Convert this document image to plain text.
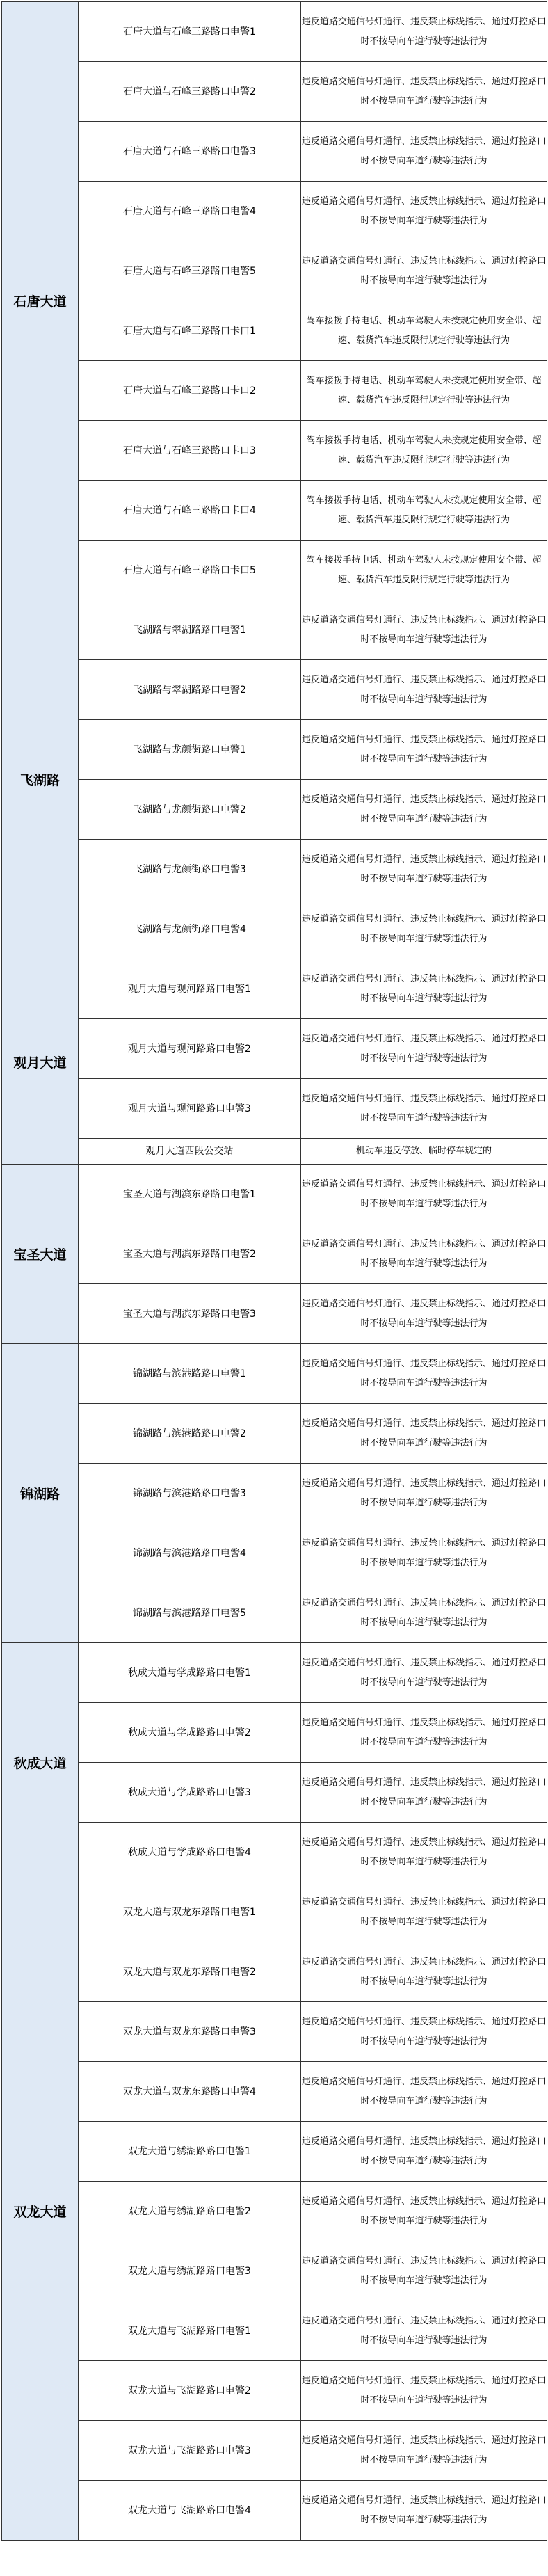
石唐大道	石唐大道与石峰三路路口电警1	违反道路交通信号灯通行、违反禁止标线指示、通过灯控路口时不按导向车道行驶等违法行为
	石唐大道与石峰三路路口电警2	违反道路交通信号灯通行、违反禁止标线指示、通过灯控路口时不按导向车道行驶等违法行为
	石唐大道与石峰三路路口电警3	违反道路交通信号灯通行、违反禁止标线指示、通过灯控路口时不按导向车道行驶等违法行为
	石唐大道与石峰三路路口电警4	违反道路交通信号灯通行、违反禁止标线指示、通过灯控路口时不按导向车道行驶等违法行为
	石唐大道与石峰三路路口电警5	违反道路交通信号灯通行、违反禁止标线指示、通过灯控路口时不按导向车道行驶等违法行为
	石唐大道与石峰三路路口卡口1	驾车接拨手持电话、机动车驾驶人未按规定使用安全带、超速、载货汽车违反限行规定行驶等违法行为
	石唐大道与石峰三路路口卡口2	驾车接拨手持电话、机动车驾驶人未按规定使用安全带、超速、载货汽车违反限行规定行驶等违法行为
	石唐大道与石峰三路路口卡口3	驾车接拨手持电话、机动车驾驶人未按规定使用安全带、超速、载货汽车违反限行规定行驶等违法行为
	石唐大道与石峰三路路口卡口4	驾车接拨手持电话、机动车驾驶人未按规定使用安全带、超速、载货汽车违反限行规定行驶等违法行为
	石唐大道与石峰三路路口卡口5	驾车接拨手持电话、机动车驾驶人未按规定使用安全带、超速、载货汽车违反限行规定行驶等违法行为
飞湖路	飞湖路与翠湖路路口电警1	违反道路交通信号灯通行、违反禁止标线指示、通过灯控路口时不按导向车道行驶等违法行为
	飞湖路与翠湖路路口电警2	违反道路交通信号灯通行、违反禁止标线指示、通过灯控路口时不按导向车道行驶等违法行为
	飞湖路与龙颜街路口电警1	违反道路交通信号灯通行、违反禁止标线指示、通过灯控路口时不按导向车道行驶等违法行为
	飞湖路与龙颜街路口电警2	违反道路交通信号灯通行、违反禁止标线指示、通过灯控路口时不按导向车道行驶等违法行为
	飞湖路与龙颜街路口电警3	违反道路交通信号灯通行、违反禁止标线指示、通过灯控路口时不按导向车道行驶等违法行为
	飞湖路与龙颜街路口电警4	违反道路交通信号灯通行、违反禁止标线指示、通过灯控路口时不按导向车道行驶等违法行为
观月大道	观月大道与观河路路口电警1	违反道路交通信号灯通行、违反禁止标线指示、通过灯控路口时不按导向车道行驶等违法行为
	观月大道与观河路路口电警2	违反道路交通信号灯通行、违反禁止标线指示、通过灯控路口时不按导向车道行驶等违法行为
	观月大道与观河路路口电警3	违反道路交通信号灯通行、违反禁止标线指示、通过灯控路口时不按导向车道行驶等违法行为
	观月大道西段公交站	机动车违反停放、临时停车规定的
宝圣大道	宝圣大道与湖滨东路路口电警1	违反道路交通信号灯通行、违反禁止标线指示、通过灯控路口时不按导向车道行驶等违法行为
	宝圣大道与湖滨东路路口电警2	违反道路交通信号灯通行、违反禁止标线指示、通过灯控路口时不按导向车道行驶等违法行为
	宝圣大道与湖滨东路路口电警3	违反道路交通信号灯通行、违反禁止标线指示、通过灯控路口时不按导向车道行驶等违法行为
锦湖路	锦湖路与滨港路路口电警1	违反道路交通信号灯通行、违反禁止标线指示、通过灯控路口时不按导向车道行驶等违法行为
	锦湖路与滨港路路口电警2	违反道路交通信号灯通行、违反禁止标线指示、通过灯控路口时不按导向车道行驶等违法行为
	锦湖路与滨港路路口电警3	违反道路交通信号灯通行、违反禁止标线指示、通过灯控路口时不按导向车道行驶等违法行为
	锦湖路与滨港路路口电警4	违反道路交通信号灯通行、违反禁止标线指示、通过灯控路口时不按导向车道行驶等违法行为
	锦湖路与滨港路路口电警5	违反道路交通信号灯通行、违反禁止标线指示、通过灯控路口时不按导向车道行驶等违法行为
秋成大道	秋成大道与学成路路口电警1	违反道路交通信号灯通行、违反禁止标线指示、通过灯控路口时不按导向车道行驶等违法行为
	秋成大道与学成路路口电警2	违反道路交通信号灯通行、违反禁止标线指示、通过灯控路口时不按导向车道行驶等违法行为
	秋成大道与学成路路口电警3	违反道路交通信号灯通行、违反禁止标线指示、通过灯控路口时不按导向车道行驶等违法行为
	秋成大道与学成路路口电警4	违反道路交通信号灯通行、违反禁止标线指示、通过灯控路口时不按导向车道行驶等违法行为
双龙大道	双龙大道与双龙东路路口电警1	违反道路交通信号灯通行、违反禁止标线指示、通过灯控路口时不按导向车道行驶等违法行为
	双龙大道与双龙东路路口电警2	违反道路交通信号灯通行、违反禁止标线指示、通过灯控路口时不按导向车道行驶等违法行为
	双龙大道与双龙东路路口电警3	违反道路交通信号灯通行、违反禁止标线指示、通过灯控路口时不按导向车道行驶等违法行为
	双龙大道与双龙东路路口电警4	违反道路交通信号灯通行、违反禁止标线指示、通过灯控路口时不按导向车道行驶等违法行为
	双龙大道与绣湖路路口电警1	违反道路交通信号灯通行、违反禁止标线指示、通过灯控路口时不按导向车道行驶等违法行为
	双龙大道与绣湖路路口电警2	违反道路交通信号灯通行、违反禁止标线指示、通过灯控路口时不按导向车道行驶等违法行为
	双龙大道与绣湖路路口电警3	违反道路交通信号灯通行、违反禁止标线指示、通过灯控路口时不按导向车道行驶等违法行为
	双龙大道与飞湖路路口电警1	违反道路交通信号灯通行、违反禁止标线指示、通过灯控路口时不按导向车道行驶等违法行为
	双龙大道与飞湖路路口电警2	违反道路交通信号灯通行、违反禁止标线指示、通过灯控路口时不按导向车道行驶等违法行为
	双龙大道与飞湖路路口电警3	违反道路交通信号灯通行、违反禁止标线指示、通过灯控路口时不按导向车道行驶等违法行为
	双龙大道与飞湖路路口电警4	违反道路交通信号灯通行、违反禁止标线指示、通过灯控路口时不按导向车道行驶等违法行为
